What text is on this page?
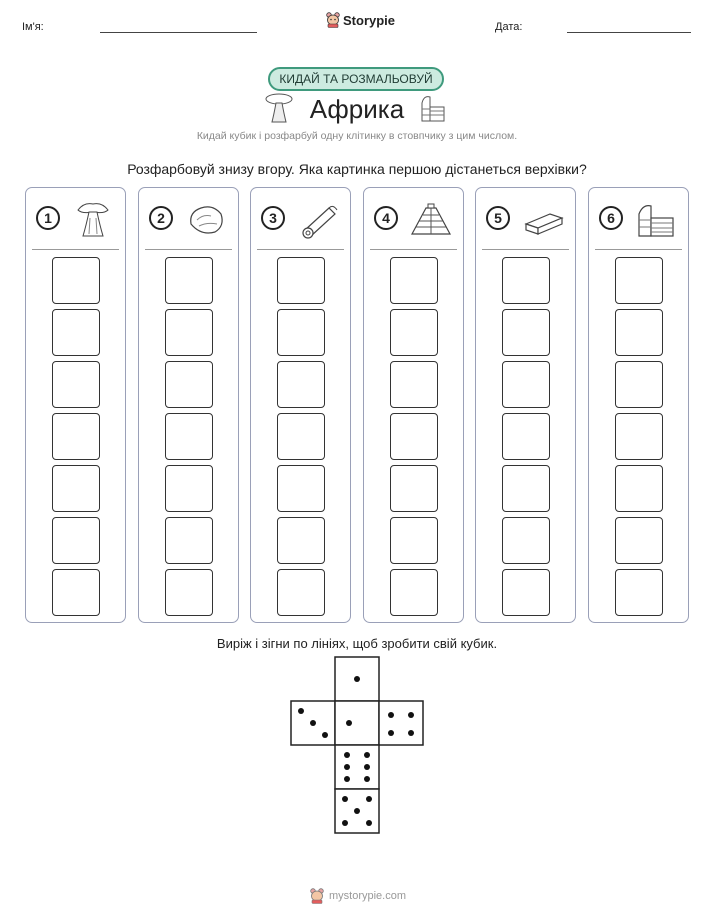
Ім'я:	Storypie	Дата:
КИДАЙ ТА РОЗМАЛЬОВУЙ
Африка
Кидай кубик і розфарбуй одну клітинку в стовпчику з цим числом.
Розфарбовуй знизу вгору. Яка картинка першою дістанеться верхівки?
1	2	3	4	5	6
Виріж і зігни по лініях, щоб зробити свій кубик.
mystorypie.com
